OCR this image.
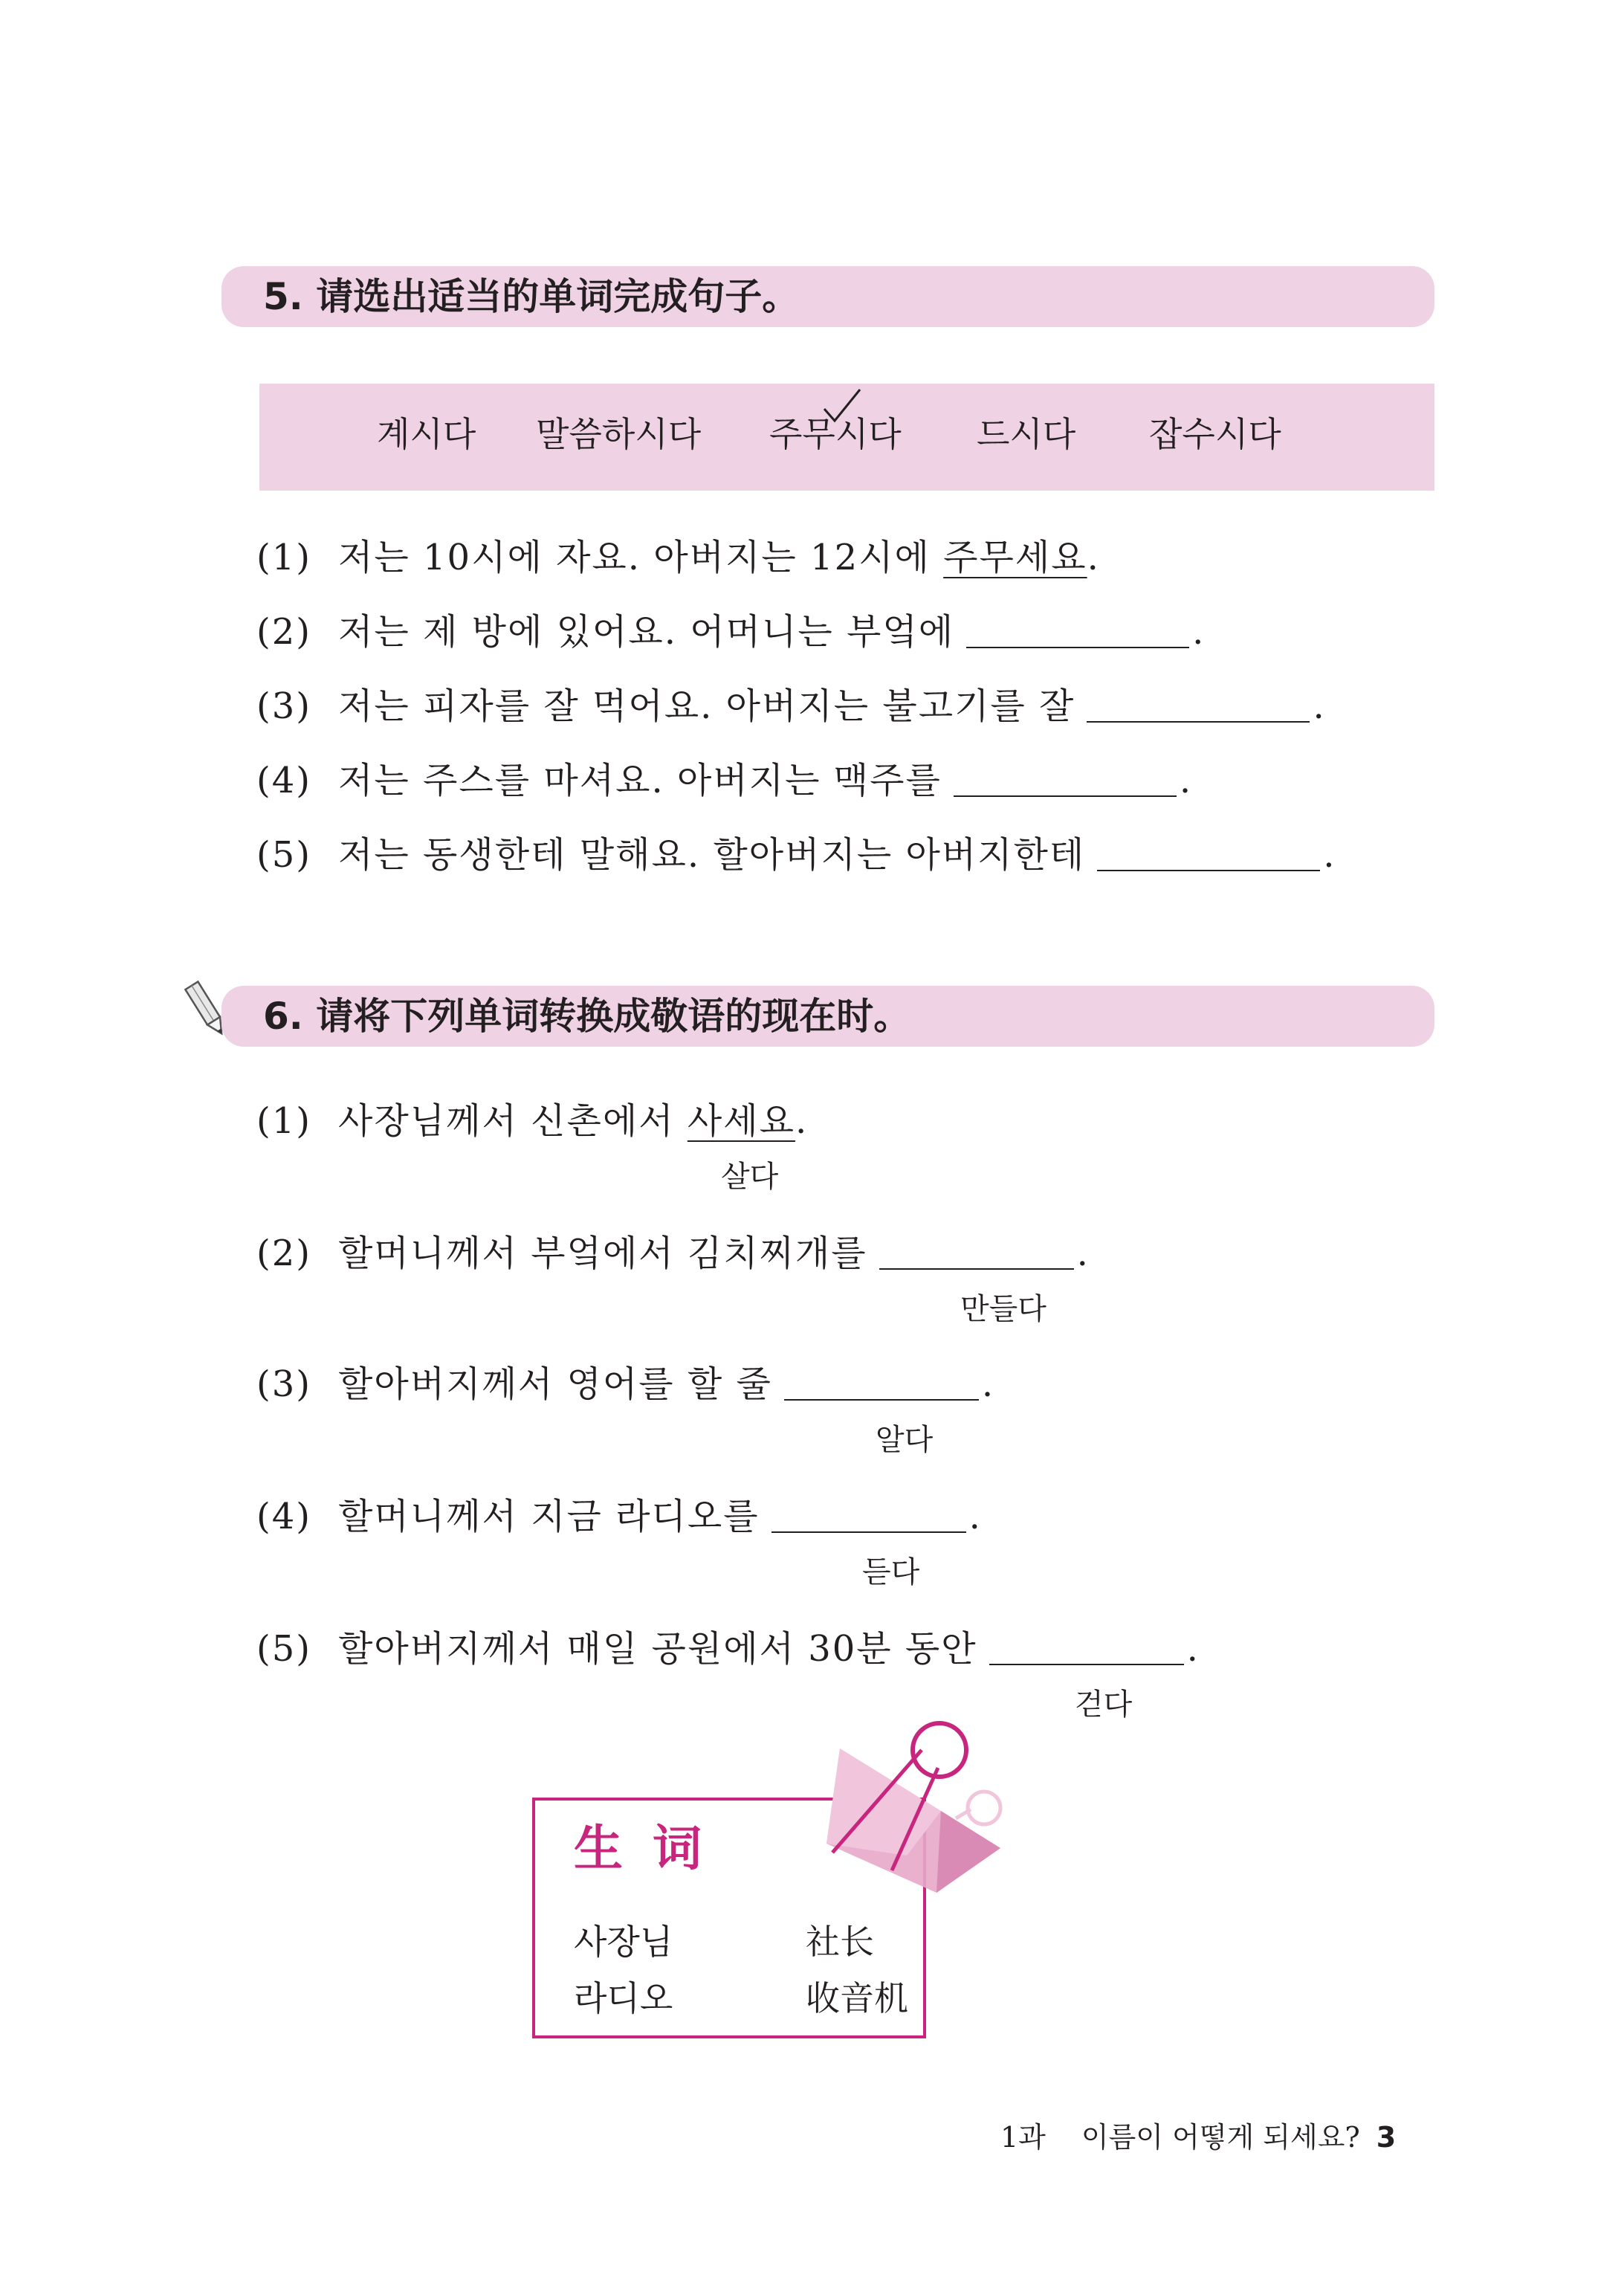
5. 请选出适当的单词完成句子。
계시다 말씀하시다 주무시다 드시다 잡수시다
(1) 저는 10시에 자요. 아버지는 12시에 주무세요.
(2) 저는 제 방에 있어요. 어머니는 부엌에	.
(3) 저는 피자를 잘 먹어요. 아버지는 불고기를 잘	.
(4) 저는 주스를 마셔요. 아버지는 맥주를	.
(5) 저는 동생한테 말해요. 할아버지는 아버지한테	.
6. 请将下列单词转换成敬语的现在时。
(1) 사장님께서 신촌에서 사세요.
살다
(2) 할머니께서 부엌에서 김치찌개를	.
만들다
(3) 할아버지께서 영어를 할 줄	.
알다
(4) 할머니께서 지금 라디오를	.
듣다
(5) 할아버지께서 매일 공원에서 30분 동안	.
걷다
生词
사장님	社长
라디오	收音机
1과 이름이 어떻게 되세요? 3
